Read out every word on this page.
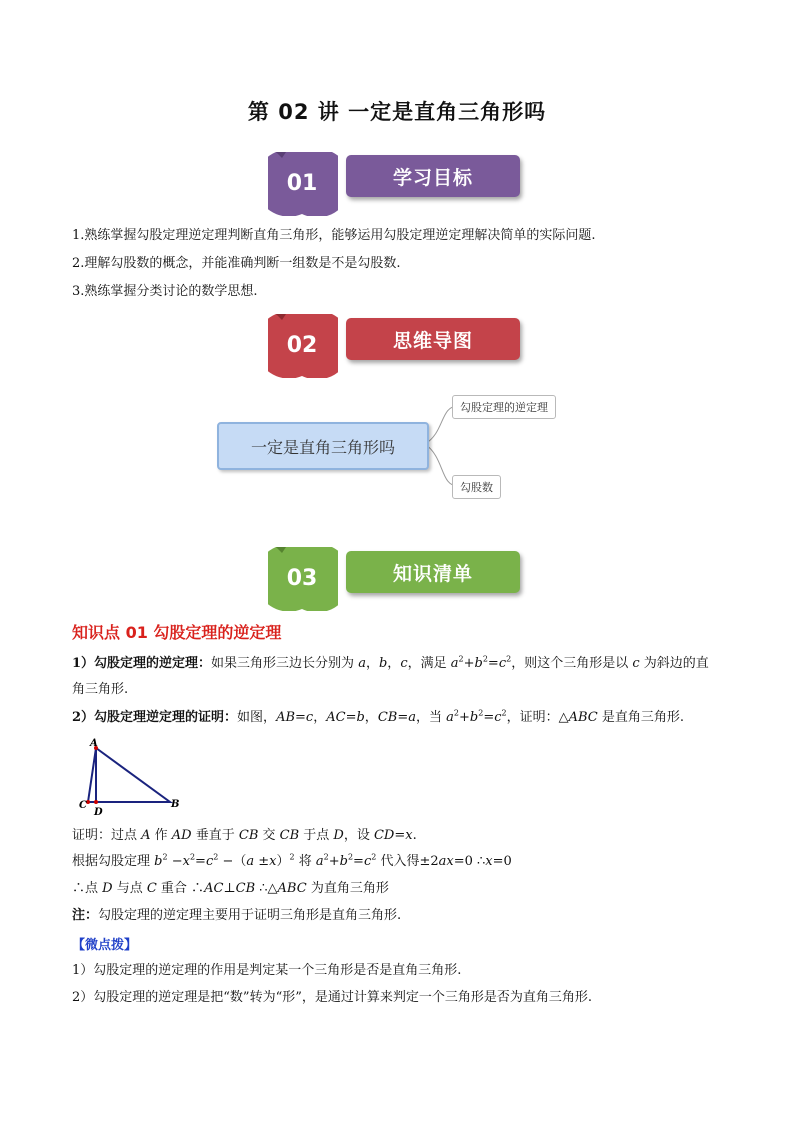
第 02 讲 一定是直角三角形吗
01	学习目标
1.熟练掌握勾股定理逆定理判断直角三角形，能够运用勾股定理逆定理解决简单的实际问题.
2.理解勾股数的概念，并能准确判断一组数是不是勾股数.
3.熟练掌握分类讨论的数学思想.
02	思维导图
一定是直角三角形吗
勾股定理的逆定理
勾股数
03	知识清单
知识点 01 勾股定理的逆定理
1）勾股定理的逆定理：如果三角形三边长分别为 a，b，c，满足 $a^2+b^2=c^2$，则这个三角形是以 c 为斜边的直
角三角形.
2）勾股定理逆定理的证明：如图，AB=c，AC=b，CB=a，当 $a^2+b^2=c^2$，证明：△ABC 是直角三角形.
A
C
D
B
证明：过点 A 作 AD 垂直于 CB 交 CB 于点 D，设 CD=x.
根据勾股定理 $b^2 -x^2=c^2 -(a \pm x)^2$ 将 $a^2+b^2=c^2$ 代入得±2ax=0 ∴x=0
∴点 D 与点 C 重合 ∴AC⊥CB ∴△ABC 为直角三角形
注：勾股定理的逆定理主要用于证明三角形是直角三角形.
【微点拨】
1）勾股定理的逆定理的作用是判定某一个三角形是否是直角三角形.
2）勾股定理的逆定理是把“数”转为“形”，是通过计算来判定一个三角形是否为直角三角形.
